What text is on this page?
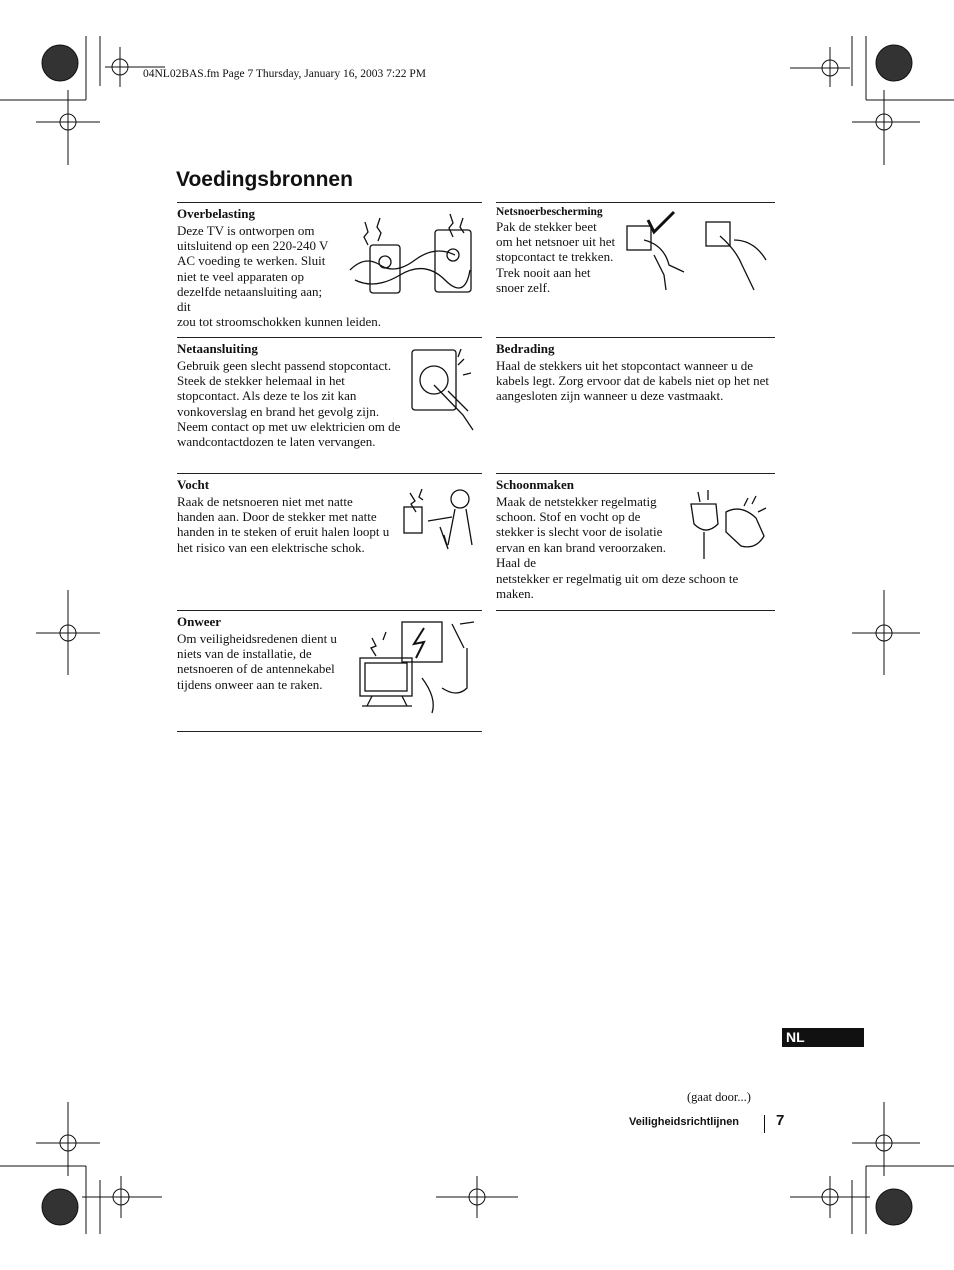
04NL02BAS.fm Page 7 Thursday, January 16, 2003 7:22 PM
Voedingsbronnen
Overbelasting

Deze TV is ontworpen om uitsluitend op een 220-240 V AC voeding te werken. Sluit niet te veel apparaten op dezelfde netaansluiting aan; dit

zou tot stroomschokken kunnen leiden.
Netaansluiting

Gebruik geen slecht passend stopcontact. Steek de stekker helemaal in het stopcontact. Als deze te los zit kan vonkoverslag en brand het gevolg zijn. Neem contact op met uw elektricien om de wandcontactdozen te laten vervangen.

Vocht

Raak de netsnoeren niet met natte handen aan. Door de stekker met natte handen in te steken of eruit halen loopt u het risico van een elektrische schok.

Onweer

Om veiligheidsredenen dient u niets van de installatie, de netsnoeren of de antennekabel tijdens onweer aan te raken.

Netsnoerbescherming

Pak de stekker beet om het netsnoer uit het stopcontact te trekken. Trek nooit aan het snoer zelf.

Bedrading

Haal de stekkers uit het stopcontact wanneer u de kabels legt. Zorg ervoor dat de kabels niet op het net aangesloten zijn wanneer u deze vastmaakt.

Schoonmaken

Maak de netstekker regelmatig schoon. Stof en vocht op de stekker is slecht voor de isolatie ervan en kan brand veroorzaken. Haal de

netstekker er regelmatig uit om deze schoon te maken.
NL
(gaat door...)
Veiligheidsrichtlijnen 7
